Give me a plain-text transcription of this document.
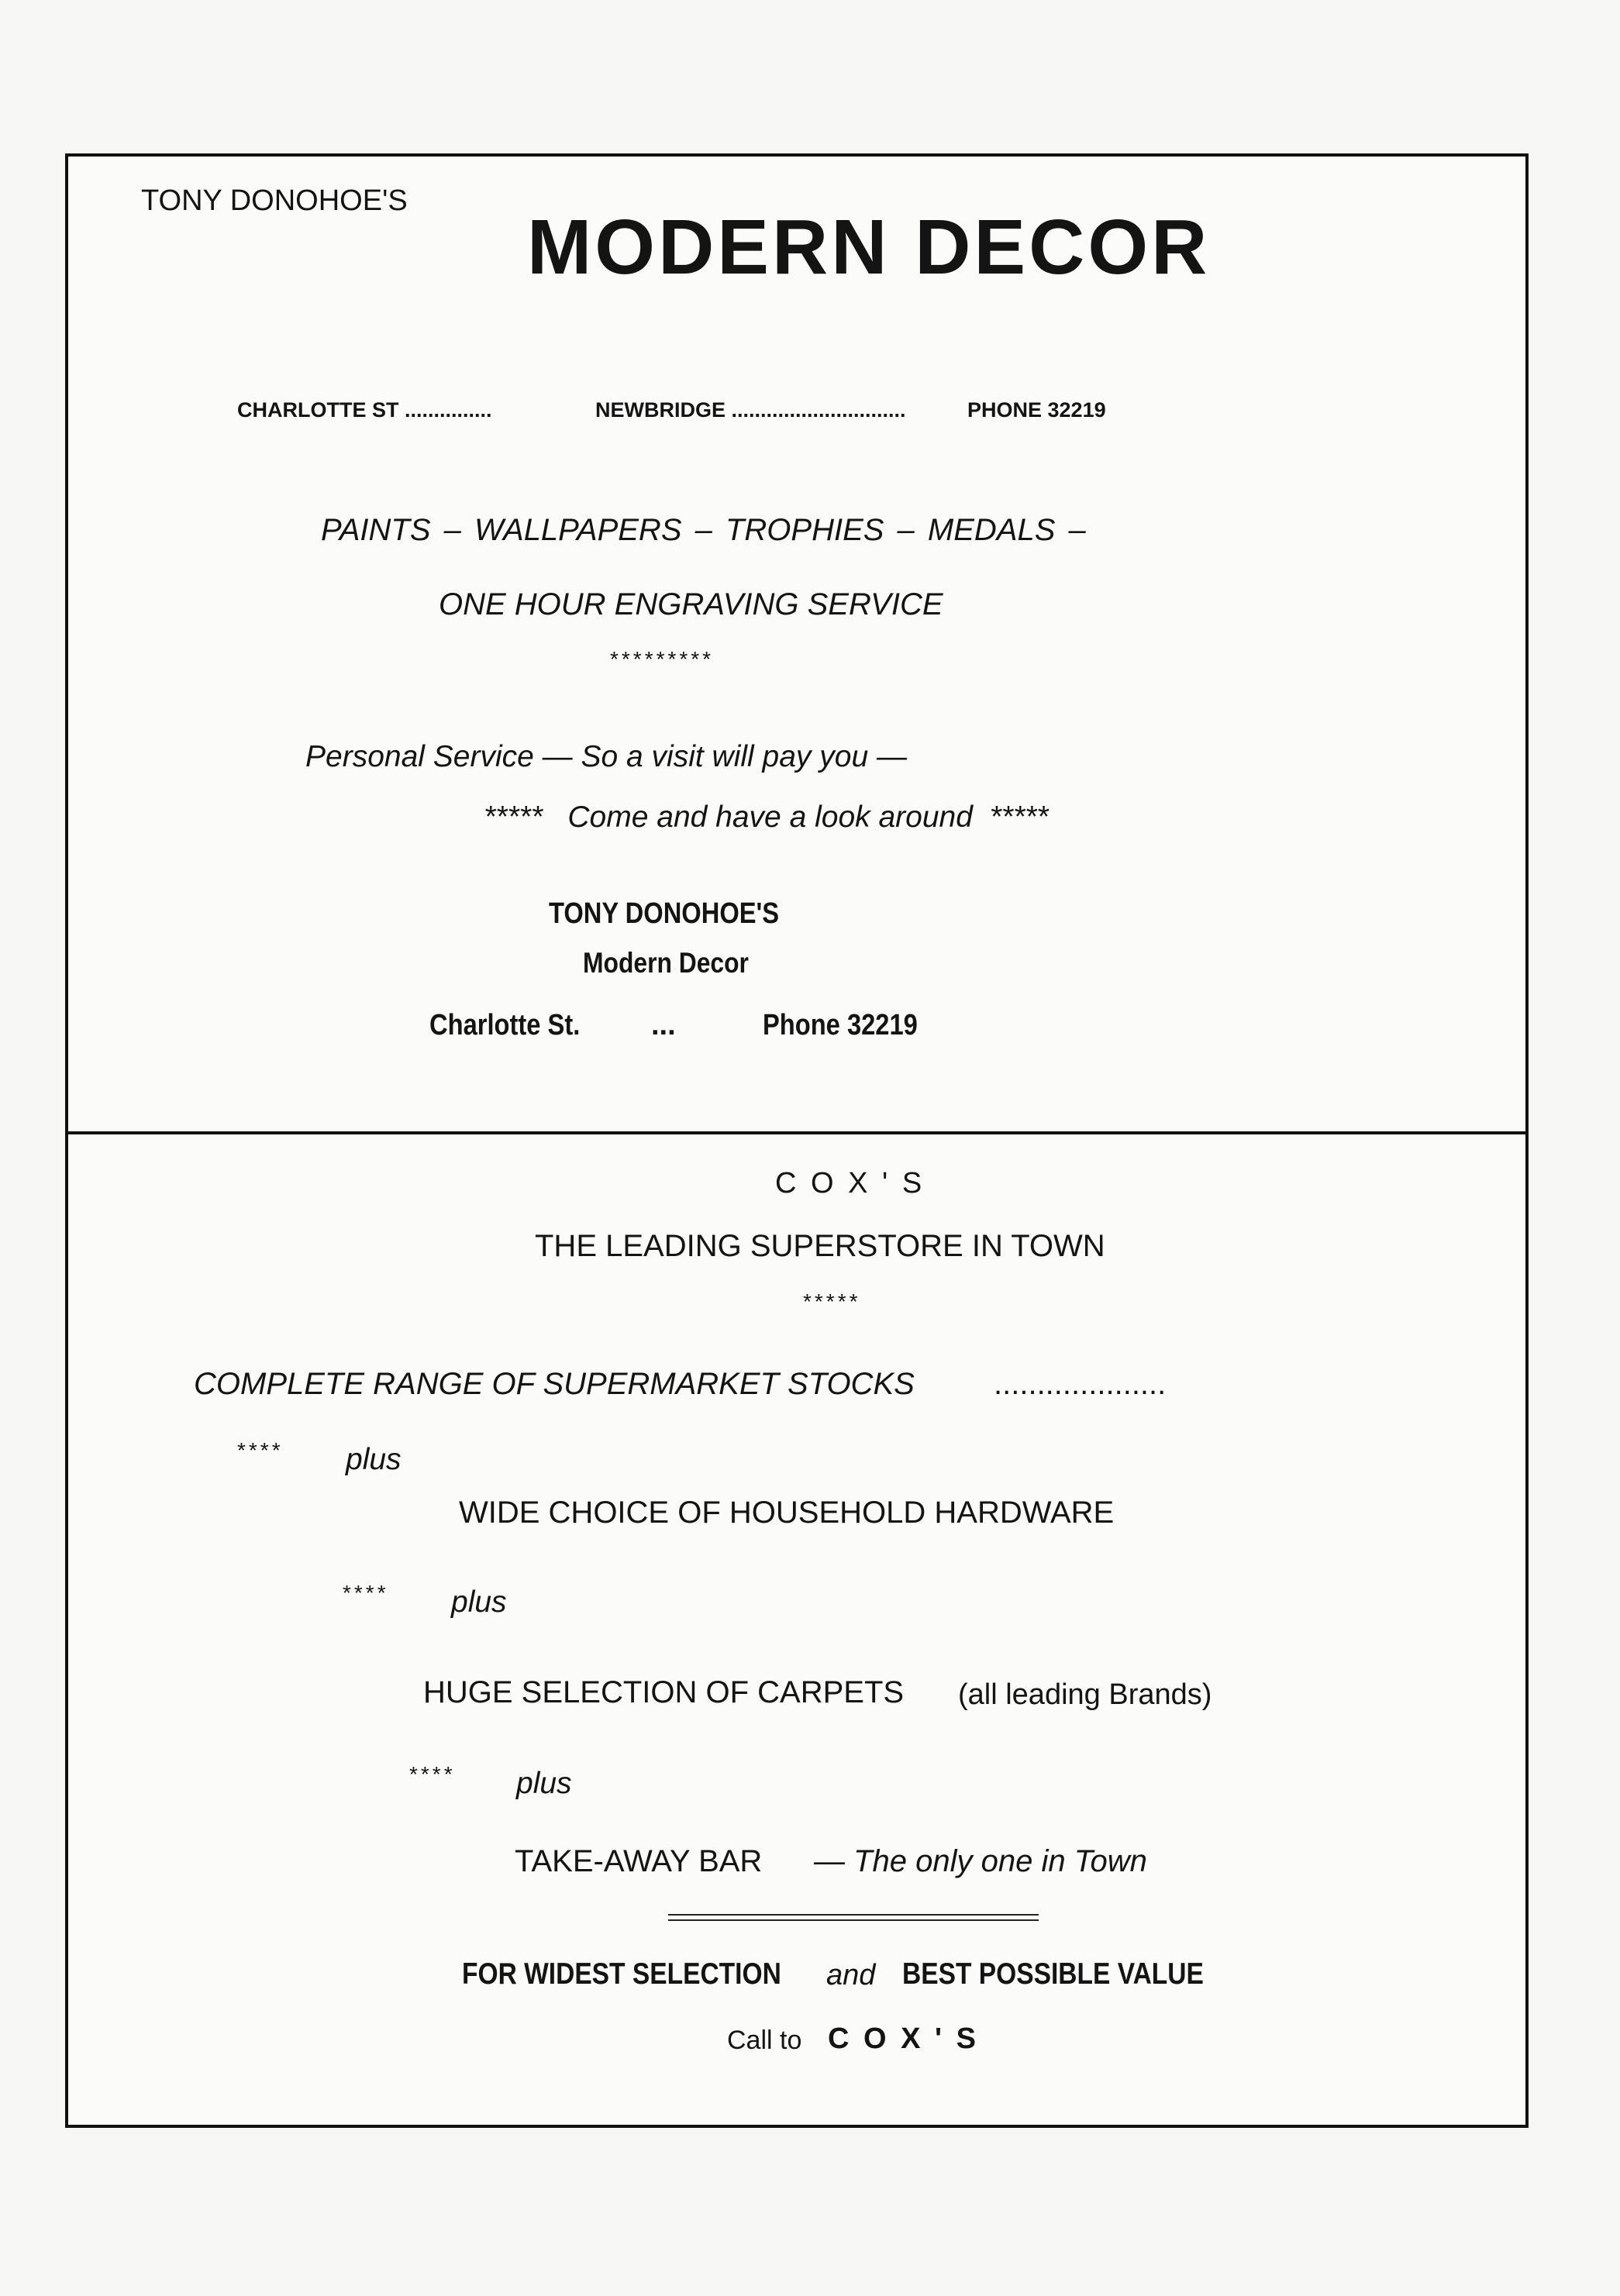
TONY DONOHOE'S

MODERN DECOR

CHARLOTTE ST ...............	NEWBRIDGE ..............................	PHONE 32219

PAINTS – WALLPAPERS – TROPHIES – MEDALS –

ONE HOUR ENGRAVING SERVICE

*********

Personal Service — So a visit will pay you —

*****   Come and have a look around  *****

TONY DONOHOE'S

Modern Decor

Charlotte St. ...	Phone 32219

C O X ' S

THE LEADING SUPERSTORE IN TOWN

*****

COMPLETE RANGE OF SUPERMARKET STOCKS	....................

**** plus

WIDE CHOICE OF HOUSEHOLD HARDWARE

**** plus

HUGE SELECTION OF CARPETS (all leading Brands)

**** plus

TAKE-AWAY BAR — The only one in Town

FOR WIDEST SELECTION and BEST POSSIBLE VALUE

Call to C O X ' S
